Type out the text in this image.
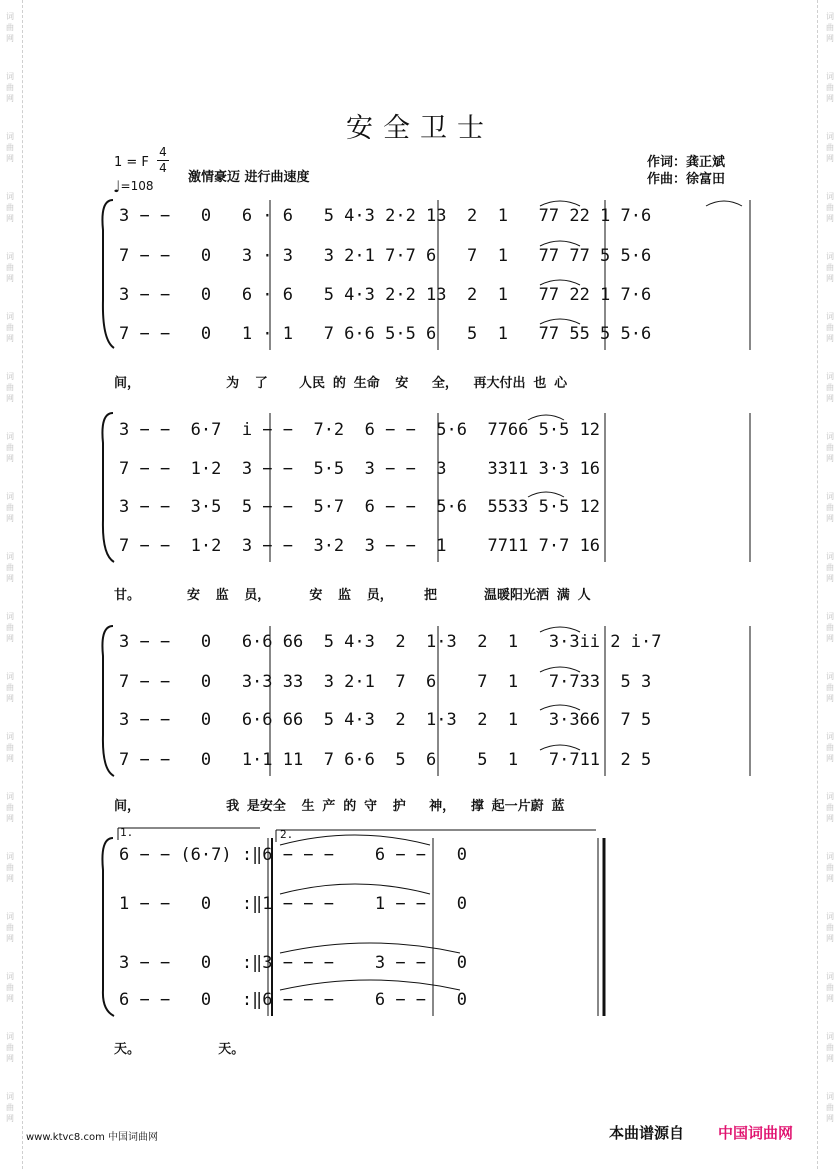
词
曲
网
词
曲
网
词
曲
网
词
曲
网
词
曲
网
词
曲
网
词
曲
网
词
曲
网
词
曲
网
词
曲
网
词
曲
网
词
曲
网
词
曲
网
词
曲
网
词
曲
网
词
曲
网
词
曲
网
词
曲
网
词
曲
网
词
曲
网
词
曲
网
词
曲
网
词
曲
网
词
曲
网
词
曲
网
词
曲
网
词
曲
网
词
曲
网
词
曲
网
词
曲
网
词
曲
网
词
曲
网
词
曲
网
词
曲
网
词
曲
网
词
曲
网
词
曲
网
词
曲
网
安全卫士
1 = F
4
4
♩=108
激情豪迈 进行曲速度
作词：龚正斌
作曲：徐富田
3 − −   0   6 · 6   5 4·3 2·2 13  2  1   77 22 1 7·6
7 − −   0   3 · 3   3 2·1 7·7 6   7  1   77 77 5 5·6
3 − −   0   6 · 6   5 4·3 2·2 13  2  1   77 22 1 7·6
7 − −   0   1 · 1   7 6·6 5·5 6   5  1   77 55 5 5·6
间，           为  了    人民 的 生命  安   全，  再大付出 也 心
3 − −  6·7  i − −  7·2  6 − −  5·6  7766 5·5 12
7 − −  1·2  3 − −  5·5  3 − −  3    3311 3·3 16
3 − −  3·5  5 − −  5·7  6 − −  5·6  5533 5·5 12
7 − −  1·2  3 − −  3·2  3 − −  1    7711 7·7 16
甘。      安  监  员，     安  监  员，    把      温暖阳光洒 满 人
3 − −   0   6·6 66  5 4·3  2  1·3  2  1   3·3ii 2 i·7
7 − −   0   3·3 33  3 2·1  7  6    7  1   7·733  5 3
3 − −   0   6·6 66  5 4·3  2  1·3  2  1   3·366  7 5
7 − −   0   1·1 11  7 6·6  5  6    5  1   7·711  2 5
间，           我 是安全  生 产 的 守  护   神，  撑 起一片蔚 蓝
1.	2.
6 − − (6·7) :‖6 − − −    6 − −   0
1 − −   0   :‖1 − − −    1 − −   0
3 − −   0   :‖3 − − −    3 − −   0
6 − −   0   :‖6 − − −    6 − −   0
天。          天。
www.ktvc8.com 中国词曲网	本曲谱源自 中国词曲网
